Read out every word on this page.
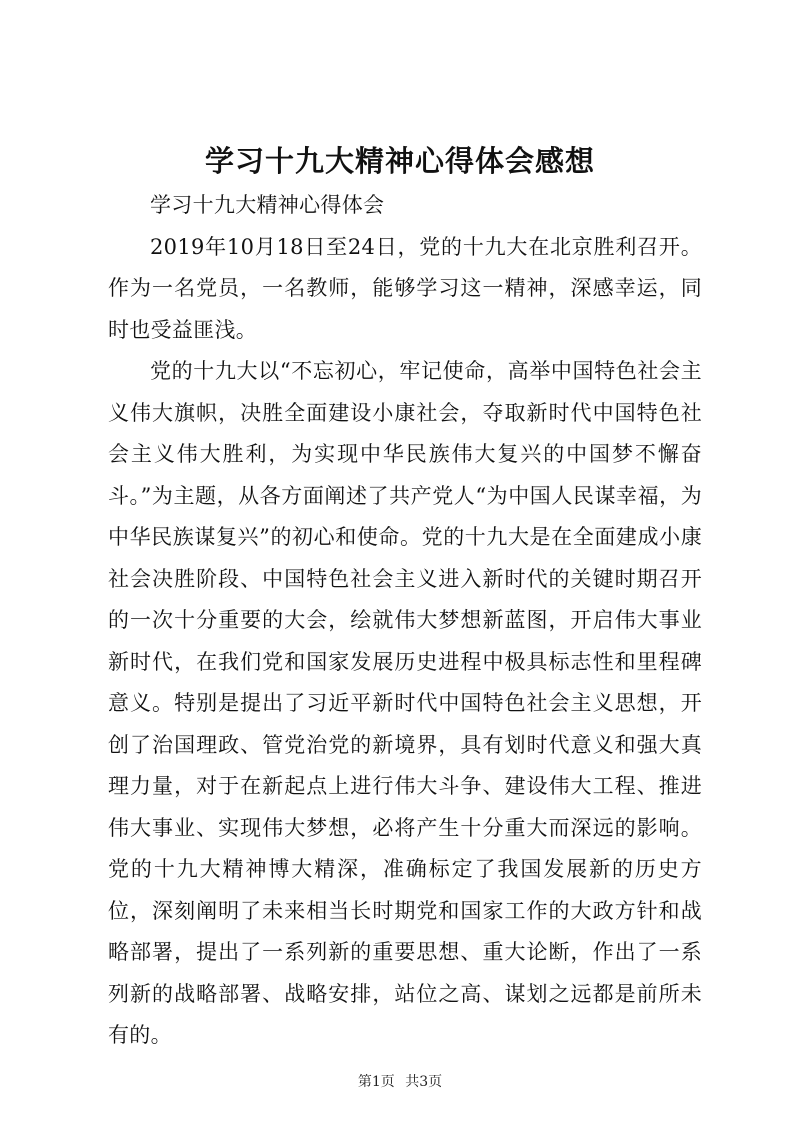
学习十九大精神心得体会感想

学习十九大精神心得体会

2019年10月18日至24日，党的十九大在北京胜利召开。作为一名党员，一名教师，能够学习这一精神，深感幸运，同时也受益匪浅。

党的十九大以“不忘初心，牢记使命，高举中国特色社会主义伟大旗帜，决胜全面建设小康社会，夺取新时代中国特色社会主义伟大胜利，为实现中华民族伟大复兴的中国梦不懈奋斗。”为主题，从各方面阐述了共产党人“为中国人民谋幸福，为中华民族谋复兴”的初心和使命。党的十九大是在全面建成小康社会决胜阶段、中国特色社会主义进入新时代的关键时期召开的一次十分重要的大会，绘就伟大梦想新蓝图，开启伟大事业新时代，在我们党和国家发展历史进程中极具标志性和里程碑意义。特别是提出了习近平新时代中国特色社会主义思想，开创了治国理政、管党治党的新境界，具有划时代意义和强大真理力量，对于在新起点上进行伟大斗争、建设伟大工程、推进伟大事业、实现伟大梦想，必将产生十分重大而深远的影响。党的十九大精神博大精深，准确标定了我国发展新的历史方位，深刻阐明了未来相当长时期党和国家工作的大政方针和战略部署，提出了一系列新的重要思想、重大论断，作出了一系列新的战略部署、战略安排，站位之高、谋划之远都是前所未有的。

第1页 共3页
